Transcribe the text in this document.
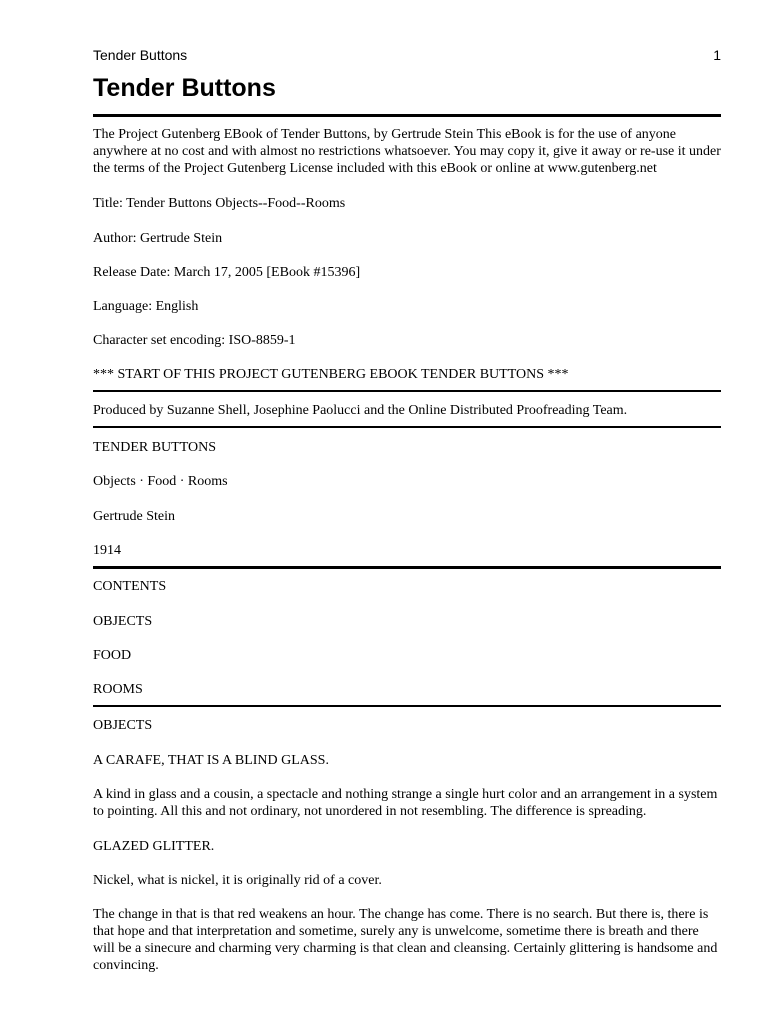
Tender Buttons	1
Tender Buttons

The Project Gutenberg EBook of Tender Buttons, by Gertrude Stein This eBook is for the use of anyone anywhere at no cost and with almost no restrictions whatsoever. You may copy it, give it away or re-use it under the terms of the Project Gutenberg License included with this eBook or online at www.gutenberg.net

Title: Tender Buttons Objects--Food--Rooms

Author: Gertrude Stein

Release Date: March 17, 2005 [EBook #15396]

Language: English

Character set encoding: ISO-8859-1

*** START OF THIS PROJECT GUTENBERG EBOOK TENDER BUTTONS ***

Produced by Suzanne Shell, Josephine Paolucci and the Online Distributed Proofreading Team.

TENDER BUTTONS

Objects · Food · Rooms

Gertrude Stein

1914

CONTENTS

OBJECTS

FOOD

ROOMS

OBJECTS

A CARAFE, THAT IS A BLIND GLASS.

A kind in glass and a cousin, a spectacle and nothing strange a single hurt color and an arrangement in a system to pointing. All this and not ordinary, not unordered in not resembling. The difference is spreading.

GLAZED GLITTER.

Nickel, what is nickel, it is originally rid of a cover.

The change in that is that red weakens an hour. The change has come. There is no search. But there is, there is that hope and that interpretation and sometime, surely any is unwelcome, sometime there is breath and there will be a sinecure and charming very charming is that clean and cleansing. Certainly glittering is handsome and convincing.
